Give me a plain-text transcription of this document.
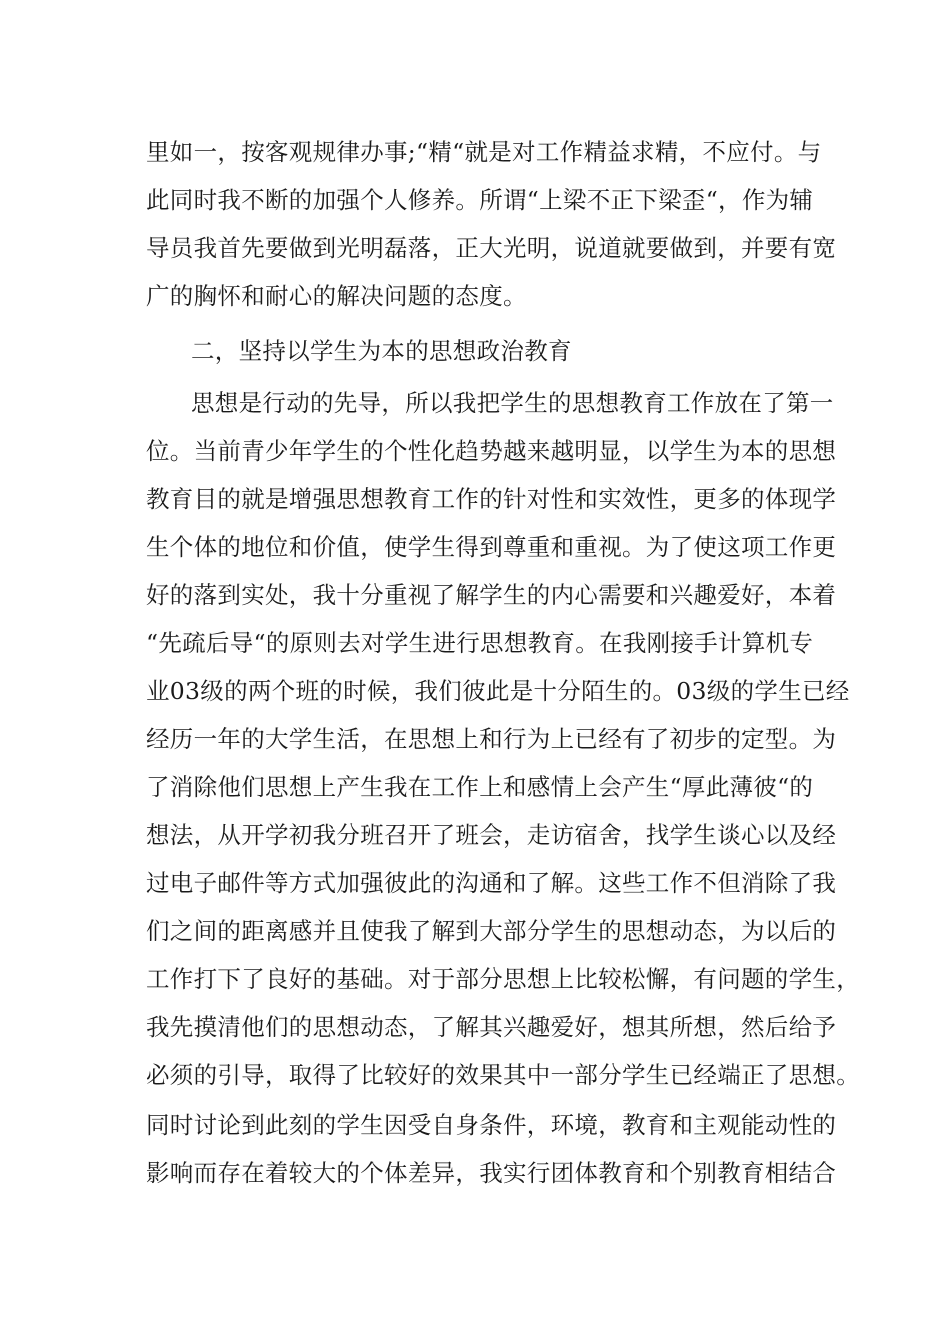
里如一，按客观规律办事;“精“就是对工作精益求精，不应付。与
此同时我不断的加强个人修养。所谓“上梁不正下梁歪“，作为辅
导员我首先要做到光明磊落，正大光明，说道就要做到，并要有宽
广的胸怀和耐心的解决问题的态度。
二，坚持以学生为本的思想政治教育
思想是行动的先导，所以我把学生的思想教育工作放在了第一
位。当前青少年学生的个性化趋势越来越明显，以学生为本的思想
教育目的就是增强思想教育工作的针对性和实效性，更多的体现学
生个体的地位和价值，使学生得到尊重和重视。为了使这项工作更
好的落到实处，我十分重视了解学生的内心需要和兴趣爱好，本着
“先疏后导“的原则去对学生进行思想教育。在我刚接手计算机专
业03级的两个班的时候，我们彼此是十分陌生的。03级的学生已经
经历一年的大学生活，在思想上和行为上已经有了初步的定型。为
了消除他们思想上产生我在工作上和感情上会产生“厚此薄彼“的
想法，从开学初我分班召开了班会，走访宿舍，找学生谈心以及经
过电子邮件等方式加强彼此的沟通和了解。这些工作不但消除了我
们之间的距离感并且使我了解到大部分学生的思想动态，为以后的
工作打下了良好的基础。对于部分思想上比较松懈，有问题的学生，
我先摸清他们的思想动态，了解其兴趣爱好，想其所想，然后给予
必须的引导，取得了比较好的效果其中一部分学生已经端正了思想。
同时讨论到此刻的学生因受自身条件，环境，教育和主观能动性的
影响而存在着较大的个体差异，我实行团体教育和个别教育相结合
